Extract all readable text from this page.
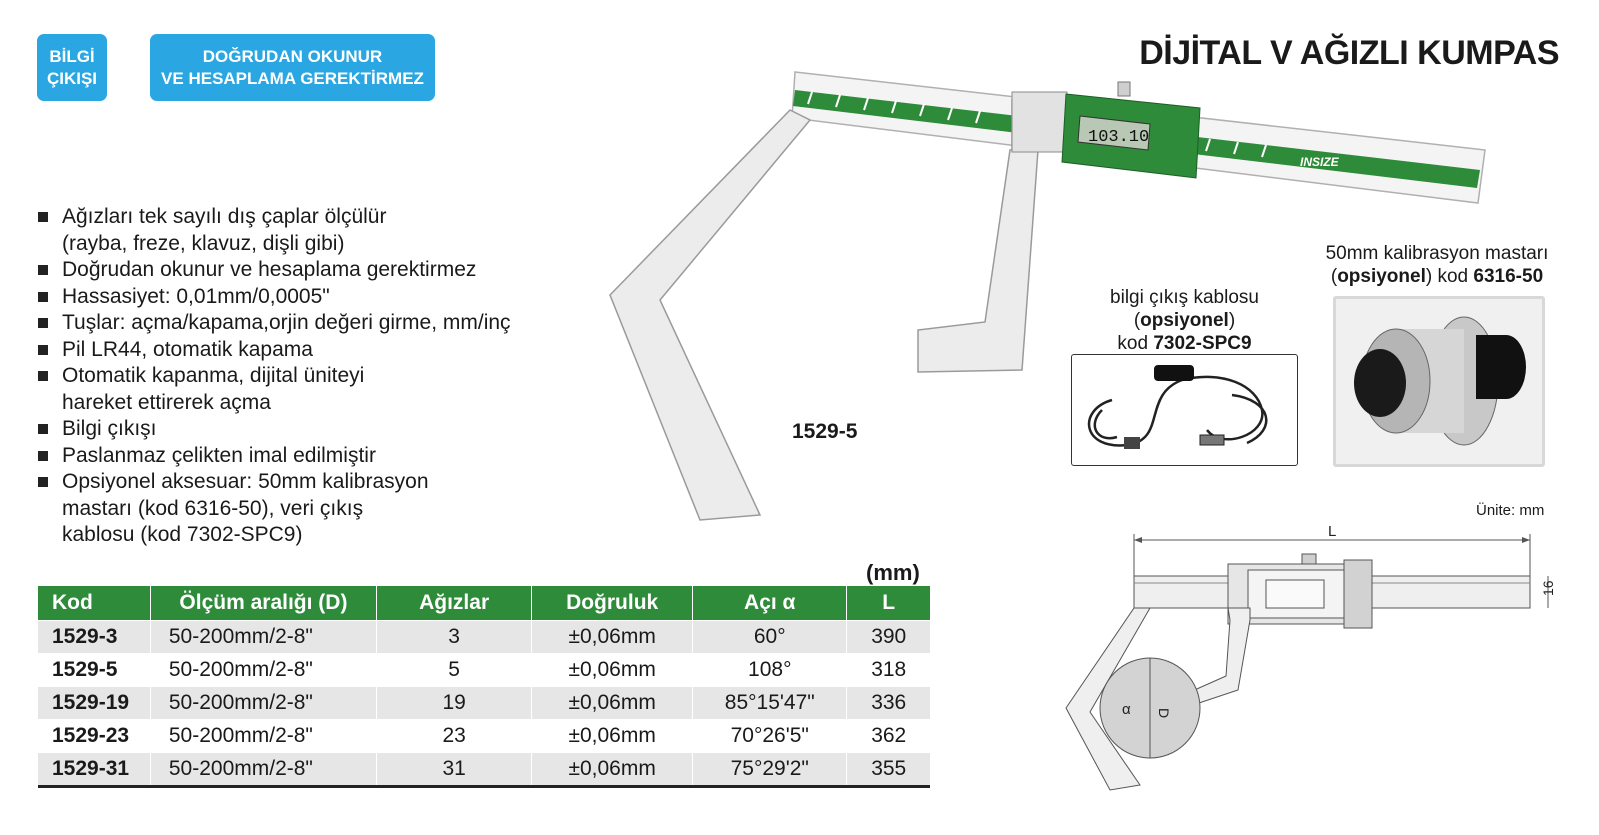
BİLGİ
ÇIKIŞI
DOĞRUDAN OKUNUR
VE HESAPLAMA GEREKTİRMEZ
DİJİTAL V AĞIZLI KUMPAS
Ağızları tek sayılı dış çaplar ölçülür
(rayba, freze, klavuz, dişli gibi)
Doğrudan okunur ve hesaplama gerektirmez
Hassasiyet: 0,01mm/0,0005"
Tuşlar: açma/kapama,orjin değeri girme, mm/inç
Pil LR44, otomatik kapama
Otomatik kapanma, dijital üniteyi
hareket ettirerek açma
Bilgi çıkışı
Paslanmaz çelikten imal edilmiştir
Opsiyonel aksesuar: 50mm kalibrasyon
mastarı (kod 6316-50), veri çıkış
kablosu (kod 7302-SPC9)
103.10
INSIZE
1529-5
bilgi çıkış kablosu
(opsiyonel)
kod 7302-SPC9
50mm kalibrasyon mastarı
(opsiyonel) kod 6316-50
Ünite: mm
L
16
α D
(mm)
Kod	Ölçüm aralığı (D)	Ağızlar	Doğruluk	Açı α	L
1529-3	50-200mm/2-8"	3	±0,06mm	60°	390
1529-5	50-200mm/2-8"	5	±0,06mm	108°	318
1529-19	50-200mm/2-8"	19	±0,06mm	85°15'47"	336
1529-23	50-200mm/2-8"	23	±0,06mm	70°26'5"	362
1529-31	50-200mm/2-8"	31	±0,06mm	75°29'2"	355
